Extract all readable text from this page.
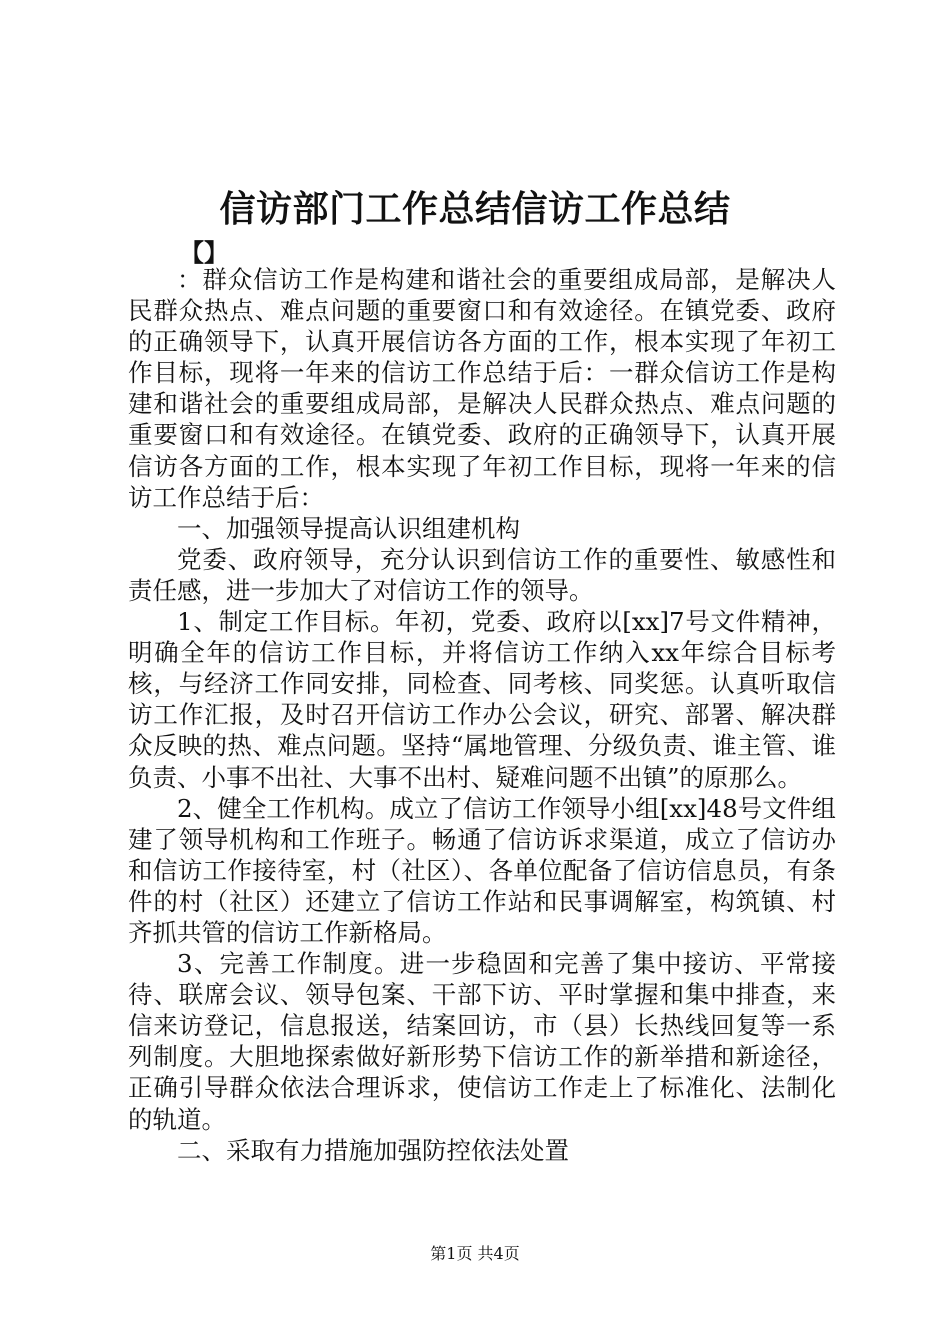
信访部门工作总结信访工作总结
【】

：群众信访工作是构建和谐社会的重要组成局部，是解决人民群众热点、难点问题的重要窗口和有效途径。在镇党委、政府的正确领导下，认真开展信访各方面的工作，根本实现了年初工作目标，现将一年来的信访工作总结于后：一群众信访工作是构建和谐社会的重要组成局部，是解决人民群众热点、难点问题的重要窗口和有效途径。在镇党委、政府的正确领导下，认真开展信访各方面的工作，根本实现了年初工作目标，现将一年来的信访工作总结于后：

一、加强领导提高认识组建机构

党委、政府领导，充分认识到信访工作的重要性、敏感性和责任感，进一步加大了对信访工作的领导。

1、制定工作目标。年初，党委、政府以[xx]7号文件精神，明确全年的信访工作目标，并将信访工作纳入xx年综合目标考核，与经济工作同安排，同检查、同考核、同奖惩。认真听取信访工作汇报，及时召开信访工作办公会议，研究、部署、解决群众反映的热、难点问题。坚持“属地管理、分级负责、谁主管、谁负责、小事不出社、大事不出村、疑难问题不出镇”的原那么。

2、健全工作机构。成立了信访工作领导小组[xx]48号文件组建了领导机构和工作班子。畅通了信访诉求渠道，成立了信访办和信访工作接待室，村（社区）、各单位配备了信访信息员，有条件的村（社区）还建立了信访工作站和民事调解室，构筑镇、村齐抓共管的信访工作新格局。

3、完善工作制度。进一步稳固和完善了集中接访、平常接待、联席会议、领导包案、干部下访、平时掌握和集中排查，来信来访登记，信息报送，结案回访，市（县）长热线回复等一系列制度。大胆地探索做好新形势下信访工作的新举措和新途径，正确引导群众依法合理诉求，使信访工作走上了标准化、法制化的轨道。

二、采取有力措施加强防控依法处置

第1页 共4页
